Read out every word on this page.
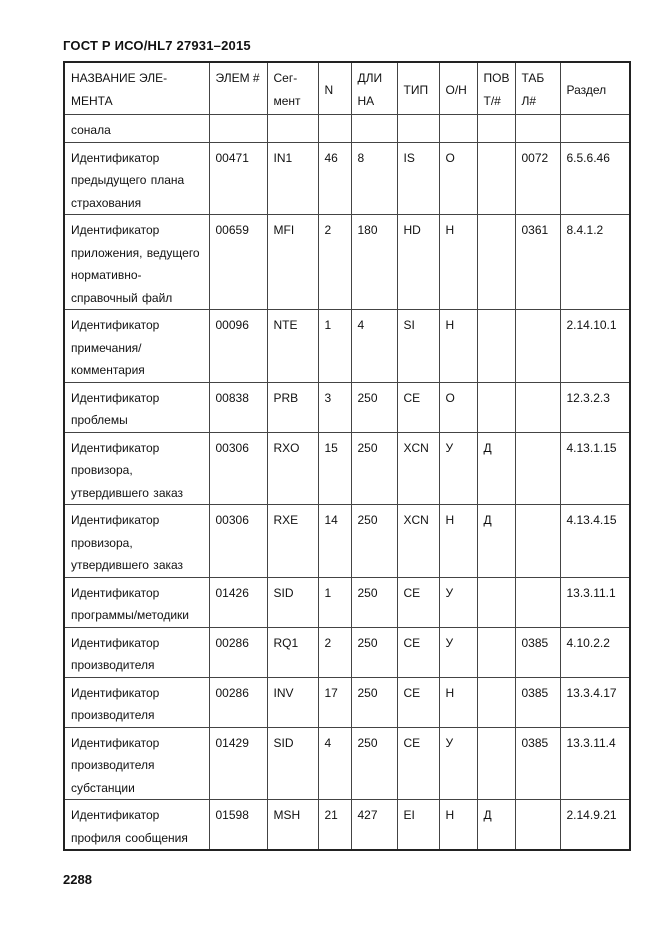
ГОСТ Р ИСО/HL7 27931–2015
НАЗВАНИЕ ЭЛЕ-МЕНТА	ЭЛЕМ #	Сег-мент	N	ДЛИ НА	ТИП	О/Н	ПОВ Т/#	ТАБ Л#	Раздел
сонала									
Идентификатор предыдущего плана страхования	00471	IN1	46	8	IS	О		0072	6.5.6.46
Идентификатор приложения, ведущего нормативно-справочный файл	00659	MFI	2	180	HD	Н		0361	8.4.1.2
Идентификатор примечания/комментария	00096	NTE	1	4	SI	Н			2.14.10.1
Идентификатор проблемы	00838	PRB	3	250	CE	О			12.3.2.3
Идентификатор провизора, утвердившего заказ	00306	RXO	15	250	XCN	У	Д		4.13.1.15
Идентификатор провизора, утвердившего заказ	00306	RXE	14	250	XCN	Н	Д		4.13.4.15
Идентификатор программы/методики	01426	SID	1	250	CE	У			13.3.11.1
Идентификатор производителя	00286	RQ1	2	250	CE	У		0385	4.10.2.2
Идентификатор производителя	00286	INV	17	250	CE	Н		0385	13.3.4.17
Идентификатор производителя субстанции	01429	SID	4	250	CE	У		0385	13.3.11.4
Идентификатор профиля сообщения	01598	MSH	21	427	EI	Н	Д		2.14.9.21
2288
